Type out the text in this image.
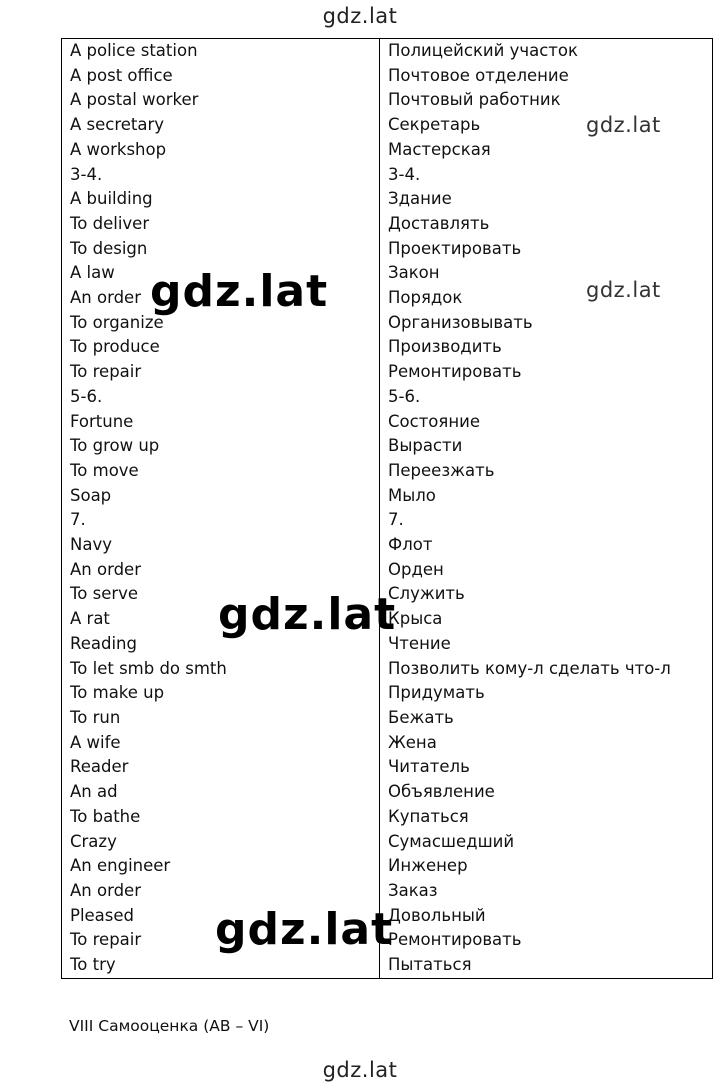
gdz.lat
A police station	Полицейский участок
A post office	Почтовое отделение
A postal worker	Почтовый работник
A secretary	Секретарь
A workshop	Мастерская
3-4.	3-4.
A building	Здание
To deliver	Доставлять
To design	Проектировать
A law	Закон
An order	Порядок
To organize	Организовывать
To produce	Производить
To repair	Ремонтировать
5-6.	5-6.
Fortune	Состояние
To grow up	Вырасти
To move	Переезжать
Soap	Мыло
7.	7.
Navy	Флот
An order	Орден
To serve	Служить
A rat	Крыса
Reading	Чтение
To let smb do smth	Позволить кому-л сделать что-л
To make up	Придумать
To run	Бежать
A wife	Жена
Reader	Читатель
An ad	Объявление
To bathe	Купаться
Crazy	Сумасшедший
An engineer	Инженер
An order	Заказ
Pleased	Довольный
To repair	Ремонтировать
To try	Пытаться
VIII Самооценка (АВ – VI)
gdz.lat
gdz.lat
gdz.lat
gdz.lat
gdz.lat
gdz.lat
